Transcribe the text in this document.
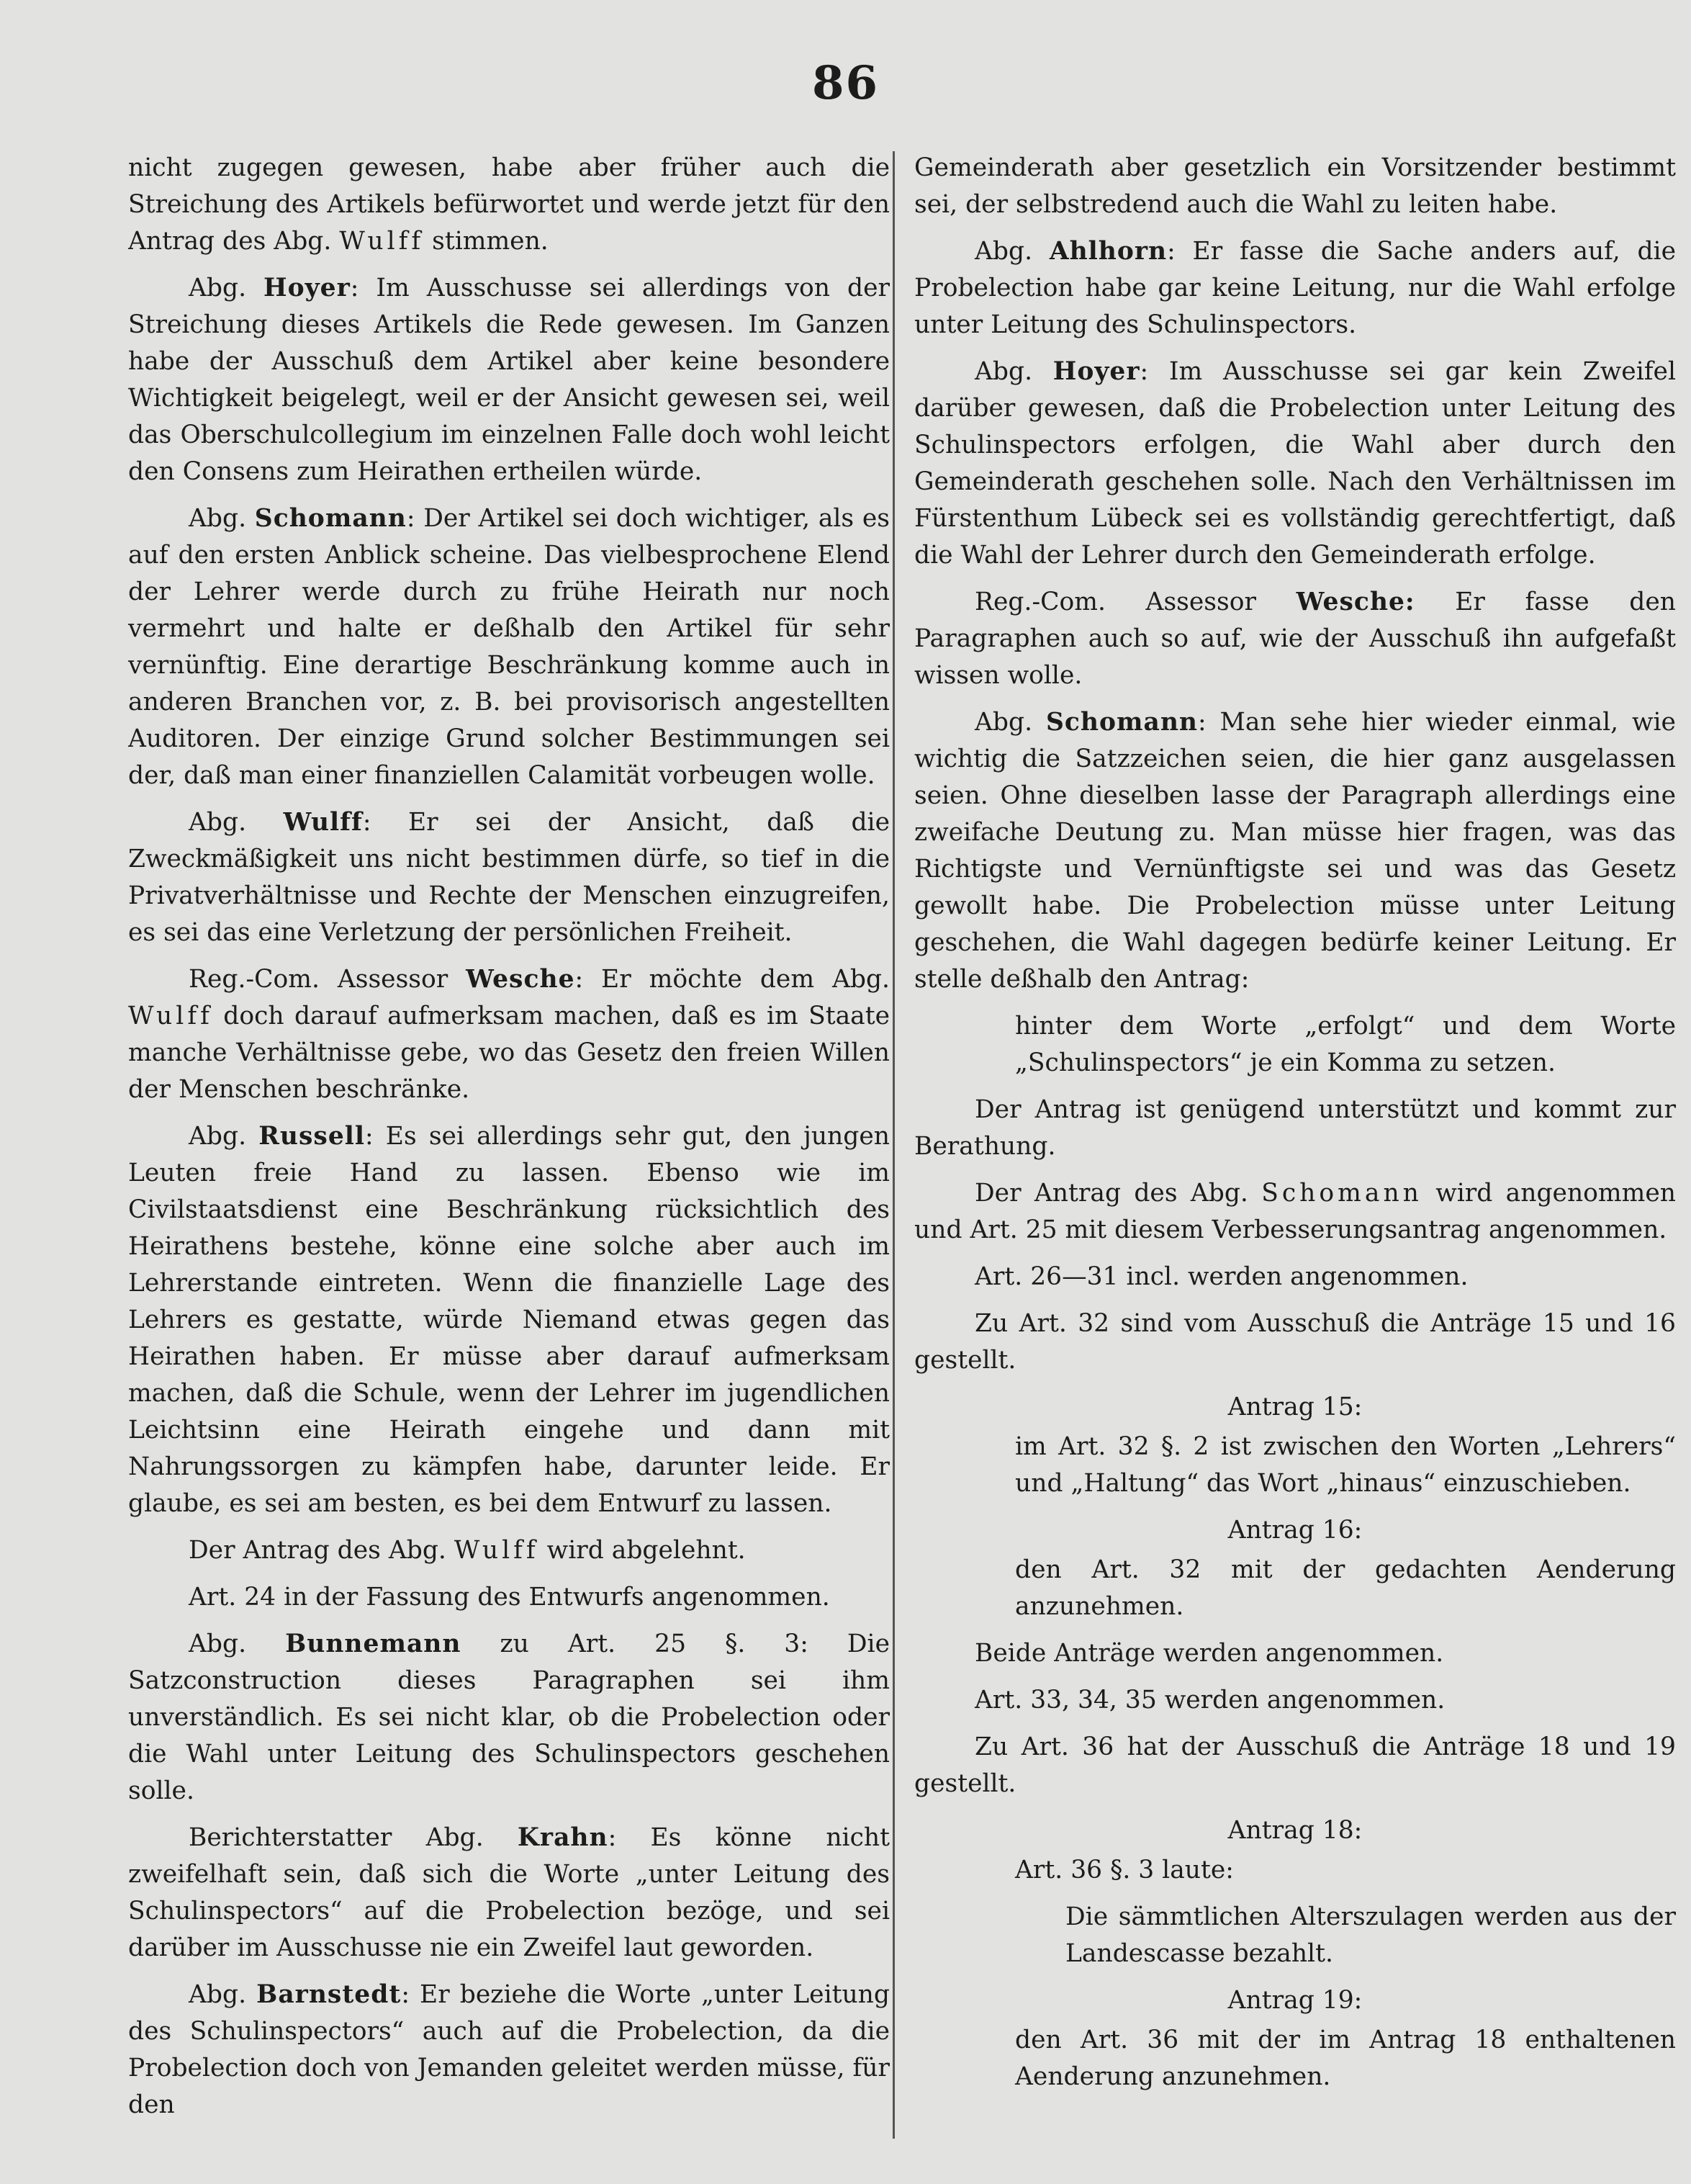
86

nicht zugegen gewesen, habe aber früher auch die Streichung des Artikels befürwortet und werde jetzt für den Antrag des Abg. Wulff stimmen.

Abg. Hoyer: Im Ausschusse sei allerdings von der Streichung dieses Artikels die Rede gewesen. Im Ganzen habe der Ausschuß dem Artikel aber keine besondere Wichtigkeit beigelegt, weil er der Ansicht gewesen sei, weil das Oberschulcollegium im einzelnen Falle doch wohl leicht den Consens zum Heirathen ertheilen würde.

Abg. Schomann: Der Artikel sei doch wichtiger, als es auf den ersten Anblick scheine. Das vielbesprochene Elend der Lehrer werde durch zu frühe Heirath nur noch vermehrt und halte er deßhalb den Artikel für sehr vernünftig. Eine derartige Beschränkung komme auch in anderen Branchen vor, z. B. bei provisorisch angestellten Auditoren. Der einzige Grund solcher Bestimmungen sei der, daß man einer finanziellen Calamität vorbeugen wolle.

Abg. Wulff: Er sei der Ansicht, daß die Zweckmäßigkeit uns nicht bestimmen dürfe, so tief in die Privatverhältnisse und Rechte der Menschen einzugreifen, es sei das eine Verletzung der persönlichen Freiheit.

Reg.-Com. Assessor Wesche: Er möchte dem Abg. Wulff doch darauf aufmerksam machen, daß es im Staate manche Verhältnisse gebe, wo das Gesetz den freien Willen der Menschen beschränke.

Abg. Russell: Es sei allerdings sehr gut, den jungen Leuten freie Hand zu lassen. Ebenso wie im Civilstaatsdienst eine Beschränkung rücksichtlich des Heirathens bestehe, könne eine solche aber auch im Lehrerstande eintreten. Wenn die finanzielle Lage des Lehrers es gestatte, würde Niemand etwas gegen das Heirathen haben. Er müsse aber darauf aufmerksam machen, daß die Schule, wenn der Lehrer im jugendlichen Leichtsinn eine Heirath eingehe und dann mit Nahrungssorgen zu kämpfen habe, darunter leide. Er glaube, es sei am besten, es bei dem Entwurf zu lassen.

Der Antrag des Abg. Wulff wird abgelehnt.

Art. 24 in der Fassung des Entwurfs angenommen.

Abg. Bunnemann zu Art. 25 §. 3: Die Satzconstruction dieses Paragraphen sei ihm unverständlich. Es sei nicht klar, ob die Probelection oder die Wahl unter Leitung des Schulinspectors geschehen solle.

Berichterstatter Abg. Krahn: Es könne nicht zweifelhaft sein, daß sich die Worte „unter Leitung des Schulinspectors“ auf die Probelection bezöge, und sei darüber im Ausschusse nie ein Zweifel laut geworden.

Abg. Barnstedt: Er beziehe die Worte „unter Leitung des Schulinspectors“ auch auf die Probelection, da die Probelection doch von Jemanden geleitet werden müsse, für den

Gemeinderath aber gesetzlich ein Vorsitzender bestimmt sei, der selbstredend auch die Wahl zu leiten habe.

Abg. Ahlhorn: Er fasse die Sache anders auf, die Probelection habe gar keine Leitung, nur die Wahl erfolge unter Leitung des Schulinspectors.

Abg. Hoyer: Im Ausschusse sei gar kein Zweifel darüber gewesen, daß die Probelection unter Leitung des Schulinspectors erfolgen, die Wahl aber durch den Gemeinderath geschehen solle. Nach den Verhältnissen im Fürstenthum Lübeck sei es vollständig gerechtfertigt, daß die Wahl der Lehrer durch den Gemeinderath erfolge.

Reg.-Com. Assessor Wesche: Er fasse den Paragraphen auch so auf, wie der Ausschuß ihn aufgefaßt wissen wolle.

Abg. Schomann: Man sehe hier wieder einmal, wie wichtig die Satzzeichen seien, die hier ganz ausgelassen seien. Ohne dieselben lasse der Paragraph allerdings eine zweifache Deutung zu. Man müsse hier fragen, was das Richtigste und Vernünftigste sei und was das Gesetz gewollt habe. Die Probelection müsse unter Leitung geschehen, die Wahl dagegen bedürfe keiner Leitung. Er stelle deßhalb den Antrag:

hinter dem Worte „erfolgt“ und dem Worte „Schulinspectors“ je ein Komma zu setzen.

Der Antrag ist genügend unterstützt und kommt zur Berathung.

Der Antrag des Abg. Schomann wird angenommen und Art. 25 mit diesem Verbesserungsantrag angenommen.

Art. 26—31 incl. werden angenommen.

Zu Art. 32 sind vom Ausschuß die Anträge 15 und 16 gestellt.

Antrag 15:

im Art. 32 §. 2 ist zwischen den Worten „Lehrers“ und „Haltung“ das Wort „hinaus“ einzuschieben.

Antrag 16:

den Art. 32 mit der gedachten Aenderung anzunehmen.

Beide Anträge werden angenommen.

Art. 33, 34, 35 werden angenommen.

Zu Art. 36 hat der Ausschuß die Anträge 18 und 19 gestellt.

Antrag 18:

Art. 36 §. 3 laute:

Die sämmtlichen Alterszulagen werden aus der Landescasse bezahlt.

Antrag 19:

den Art. 36 mit der im Antrag 18 enthaltenen Aenderung anzunehmen.
